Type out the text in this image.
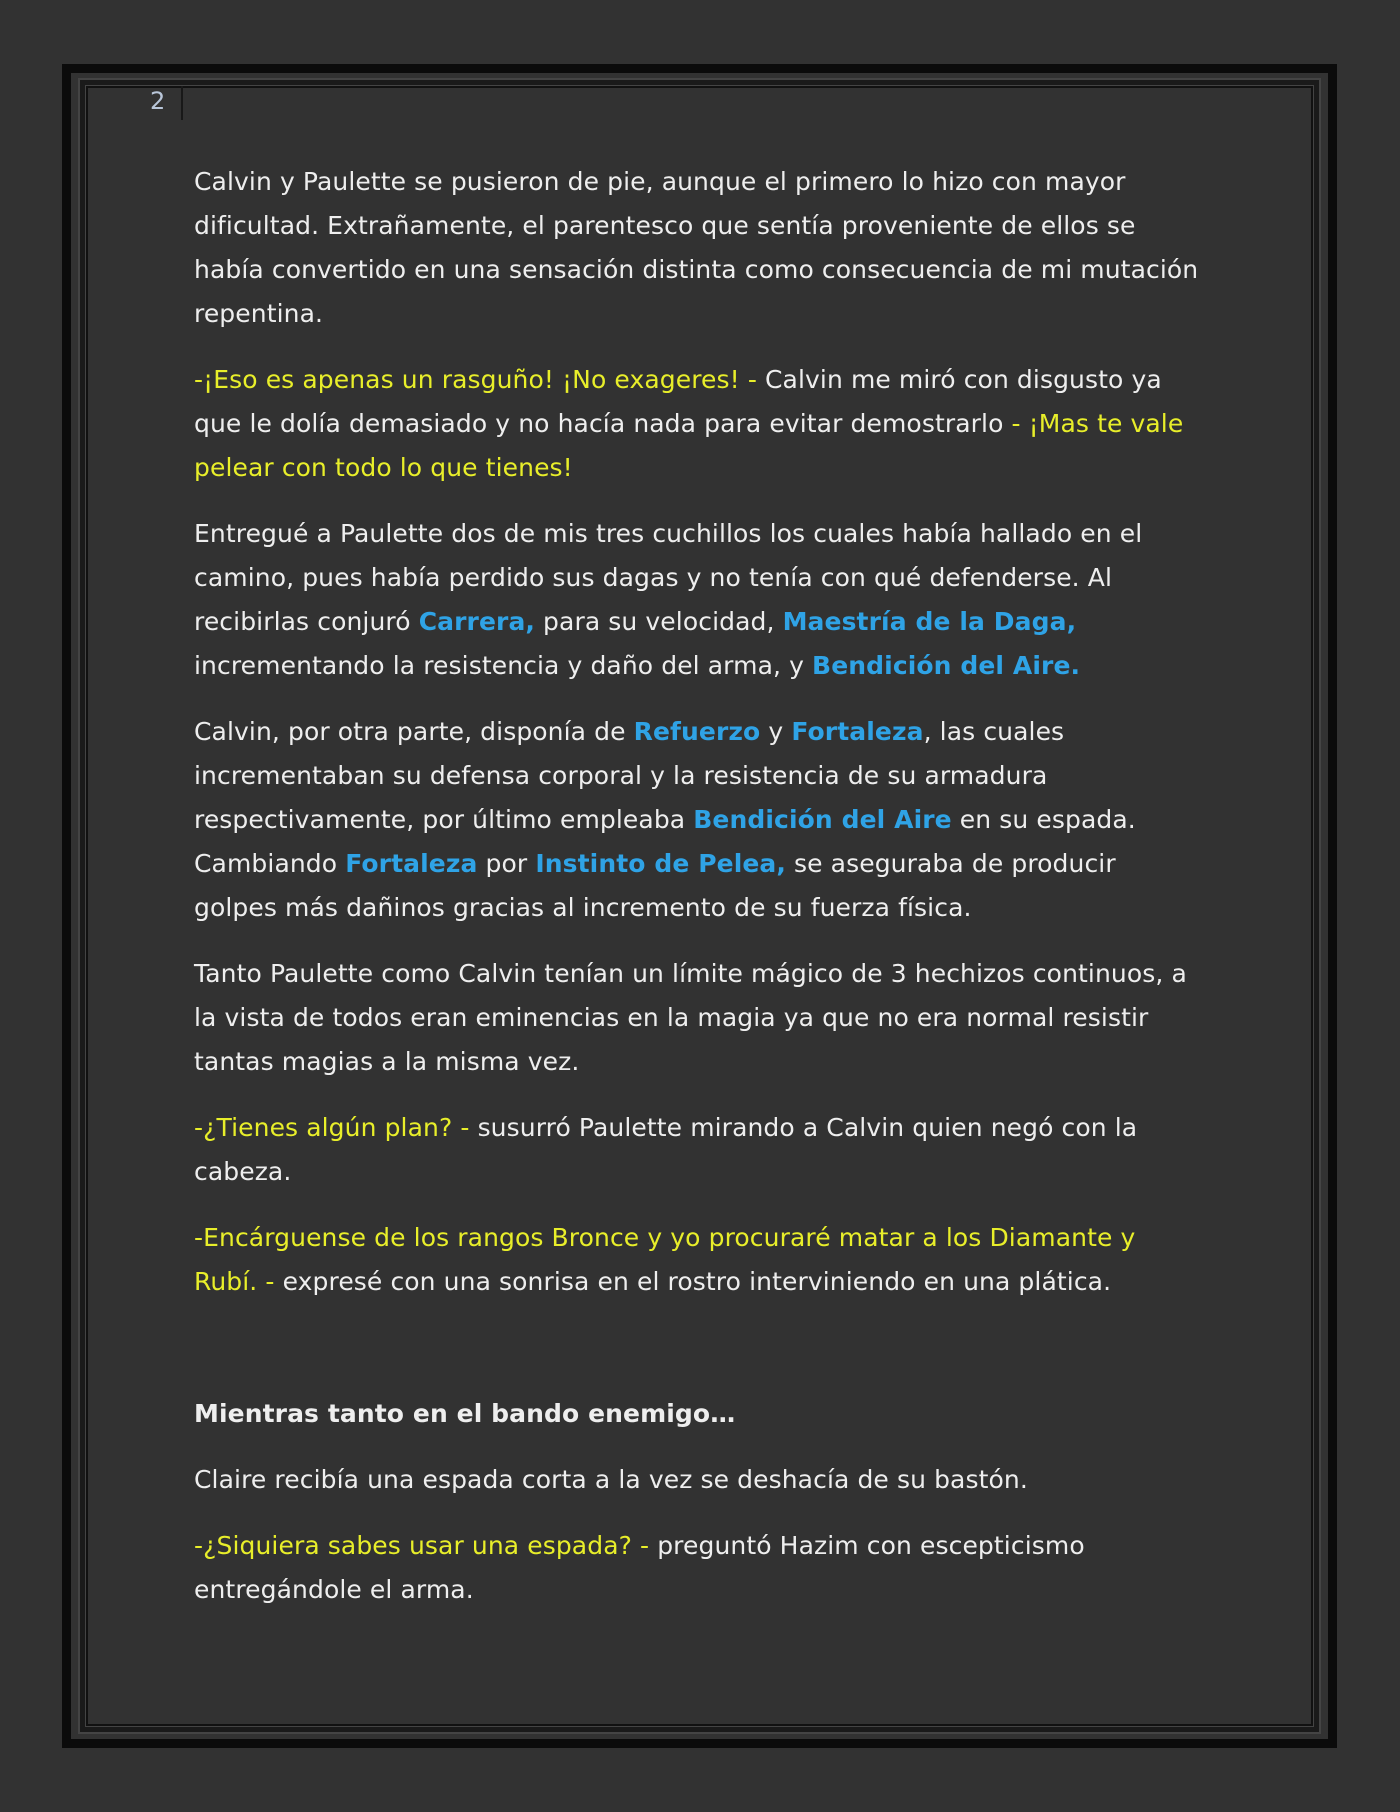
2

Calvin y Paulette se pusieron de pie, aunque el primero lo hizo con mayor dificultad. Extrañamente, el parentesco que sentía proveniente de ellos se había convertido en una sensación distinta como consecuencia de mi mutación repentina.

-¡Eso es apenas un rasguño! ¡No exageres! - Calvin me miró con disgusto ya que le dolía demasiado y no hacía nada para evitar demostrarlo - ¡Mas te vale pelear con todo lo que tienes!

Entregué a Paulette dos de mis tres cuchillos los cuales había hallado en el camino, pues había perdido sus dagas y no tenía con qué defenderse. Al recibirlas conjuró Carrera, para su velocidad, Maestría de la Daga, incrementando la resistencia y daño del arma, y Bendición del Aire.

Calvin, por otra parte, disponía de Refuerzo y Fortaleza, las cuales incrementaban su defensa corporal y la resistencia de su armadura respectivamente, por último empleaba Bendición del Aire en su espada. Cambiando Fortaleza por Instinto de Pelea, se aseguraba de producir golpes más dañinos gracias al incremento de su fuerza física.

Tanto Paulette como Calvin tenían un límite mágico de 3 hechizos continuos, a la vista de todos eran eminencias en la magia ya que no era normal resistir tantas magias a la misma vez.

-¿Tienes algún plan? - susurró Paulette mirando a Calvin quien negó con la cabeza.

-Encárguense de los rangos Bronce y yo procuraré matar a los Diamante y Rubí. - expresé con una sonrisa en el rostro interviniendo en una plática.

Mientras tanto en el bando enemigo…

Claire recibía una espada corta a la vez se deshacía de su bastón.

-¿Siquiera sabes usar una espada? - preguntó Hazim con escepticismo entregándole el arma.
